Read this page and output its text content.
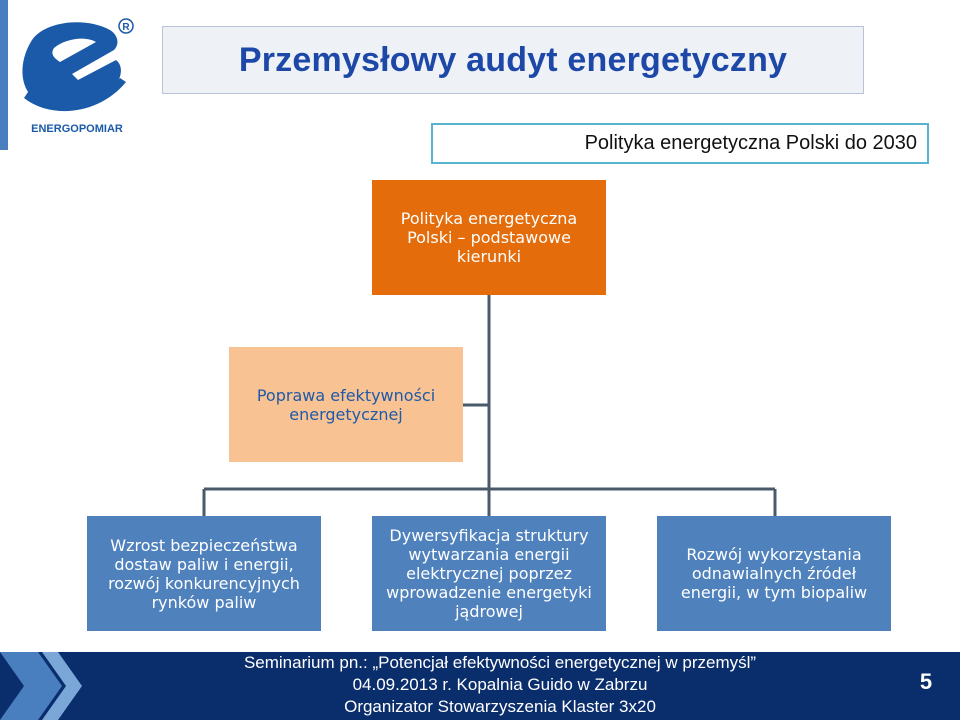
ENERGOPOMIAR
R
Przemysłowy audyt energetyczny
Polityka energetyczna Polski do 2030
Polityka energetyczna
Polski – podstawowe
kierunki
Poprawa efektywności
energetycznej
Wzrost bezpieczeństwa
dostaw paliw i energii,
rozwój konkurencyjnych
rynków paliw
Dywersyfikacja struktury
wytwarzania energii
elektrycznej poprzez
wprowadzenie energetyki
jądrowej
Rozwój wykorzystania
odnawialnych źródeł
energii, w tym biopaliw
Seminarium pn.: „Potencjał efektywności energetycznej w przemyśl”
04.09.2013 r. Kopalnia Guido w Zabrzu
Organizator Stowarzyszenia Klaster 3x20
5
